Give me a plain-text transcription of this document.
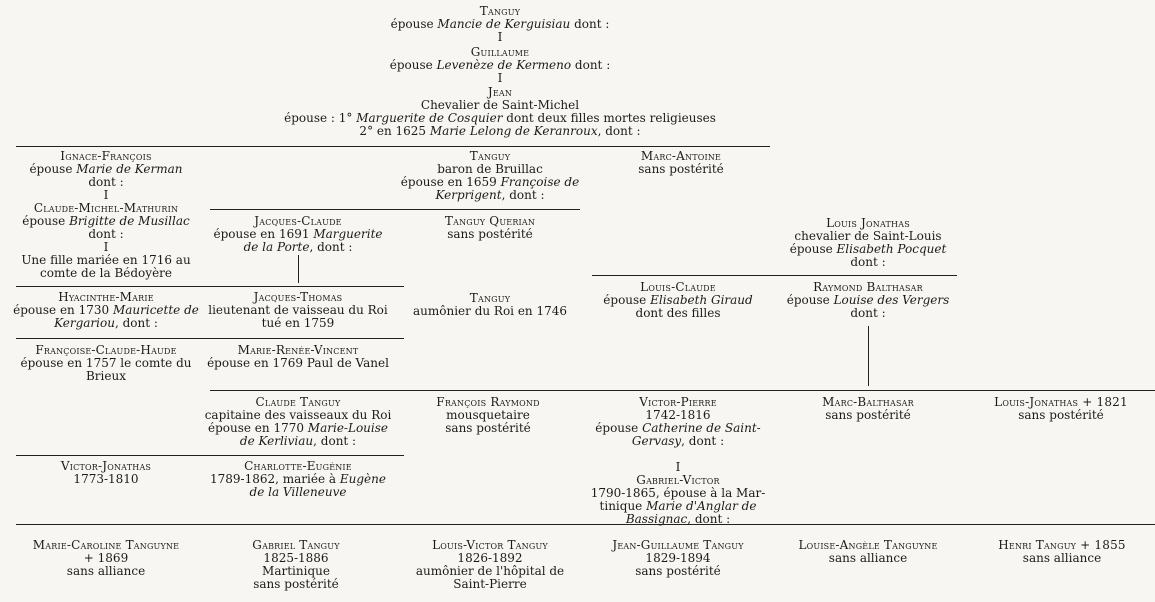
Tanguy
épouse Mancie de Kerguisiau dont :
I
Guillaume
épouse Levenèze de Kermeno dont :
I
Jean
Chevalier de Saint-Michel
épouse : 1° Marguerite de Cosquier dont deux filles mortes religieuses
2° en 1625 Marie Lelong de Keranroux, dont :
Ignace-François
épouse Marie de Kerman
dont :
I
Claude-Michel-Mathurin
épouse Brigitte de Musillac
dont :
I
Une fille mariée en 1716 au
comte de la Bédoyère
Tanguy
baron de Bruillac
épouse en 1659 Françoise de
Kerprigent, dont :
Marc-Antoine
sans postérité
Jacques-Claude
épouse en 1691 Marguerite
de la Porte, dont :
Tanguy Querian
sans postérité
Louis Jonathas
chevalier de Saint-Louis
épouse Elisabeth Pocquet
dont :
Hyacinthe-Marie
épouse en 1730 Mauricette de
Kergariou, dont :
Jacques-Thomas
lieutenant de vaisseau du Roi
tué en 1759
Tanguy
aumônier du Roi en 1746
Louis-Claude
épouse Elisabeth Giraud
dont des filles
Raymond Balthasar
épouse Louise des Vergers
dont :
Françoise-Claude-Haude
épouse en 1757 le comte du
Brieux
Marie-Renée-Vincent
épouse en 1769 Paul de Vanel
Claude Tanguy
capitaine des vaisseaux du Roi
épouse en 1770 Marie-Louise
de Kerliviau, dont :
François Raymond
mousquetaire
sans postérité
Victor-Pierre
1742-1816
épouse Catherine de Saint-
Gervasy, dont :

I
Gabriel-Victor
1790-1865, épouse à la Mar-
tinique Marie d'Anglar de
Bassignac, dont :
Marc-Balthasar
sans postérité
Louis-Jonathas + 1821
sans postérité
Victor-Jonathas
1773-1810
Charlotte-Eugénie
1789-1862, mariée à Eugène
de la Villeneuve
Marie-Caroline Tanguyne
+ 1869
sans alliance
Gabriel Tanguy
1825-1886
Martinique
sans postérité
Louis-Victor Tanguy
1826-1892
aumônier de l'hôpital de
Saint-Pierre
Jean-Guillaume Tanguy
1829-1894
sans postérité
Louise-Angèle Tanguyne
sans alliance
Henri Tanguy + 1855
sans alliance
